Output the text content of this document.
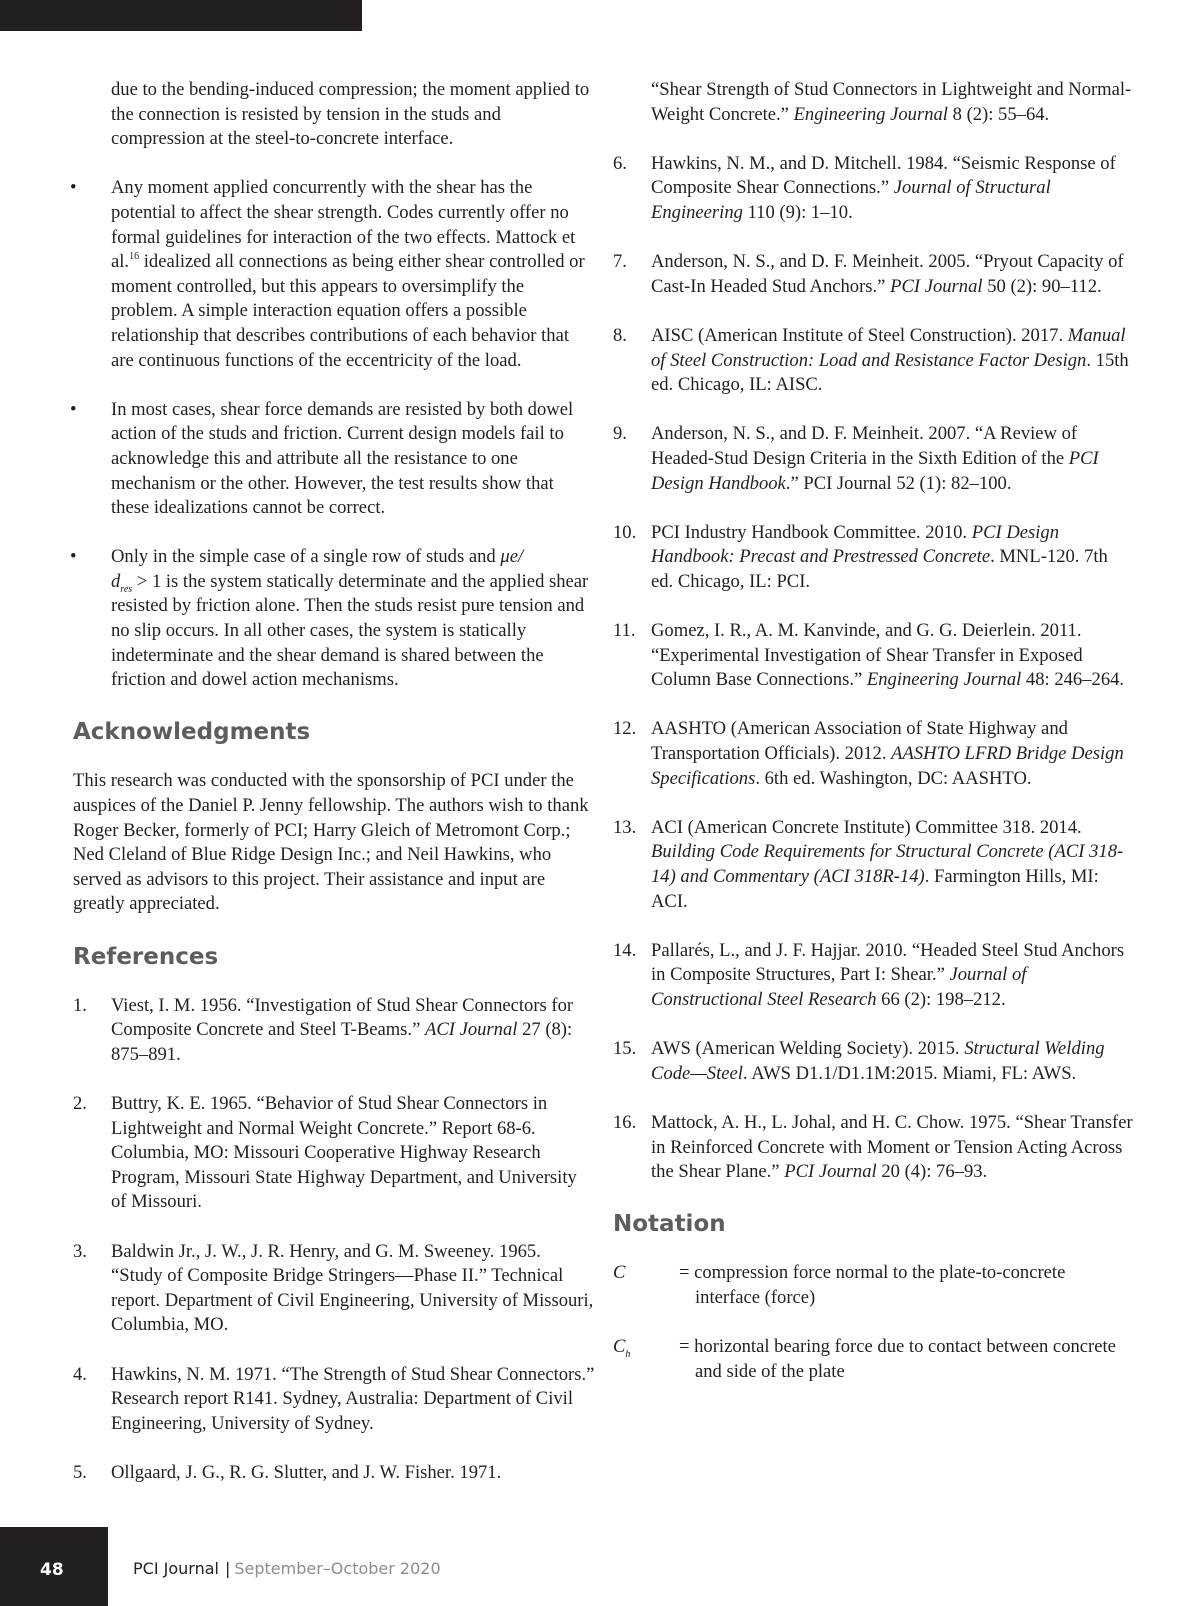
due to the bending-induced compression; the moment applied to the connection is resisted by tension in the studs and compression at the steel-to-concrete interface.
• Any moment applied concurrently with the shear has the potential to affect the shear strength. Codes currently offer no formal guidelines for interaction of the two effects. Mattock et al.$^{16}$ idealized all connections as being either shear controlled or moment controlled, but this appears to oversimplify the problem. A simple interaction equation offers a possible relationship that describes contributions of each behavior that are continuous functions of the eccentricity of the load.
• In most cases, shear force demands are resisted by both dowel action of the studs and friction. Current design models fail to acknowledge this and attribute all the resistance to one mechanism or the other. However, the test results show that these idealizations cannot be correct.
• Only in the simple case of a single row of studs and μe/
$d_{res} > 1$ is the system statically determinate and the applied shear resisted by friction alone. Then the studs resist pure tension and no slip occurs. In all other cases, the system is statically indeterminate and the shear demand is shared between the friction and dowel action mechanisms.
Acknowledgments

This research was conducted with the sponsorship of PCI under the auspices of the Daniel P. Jenny fellowship. The authors wish to thank Roger Becker, formerly of PCI; Harry Gleich of Metromont Corp.; Ned Cleland of Blue Ridge Design Inc.; and Neil Hawkins, who served as advisors to this project. Their assistance and input are greatly appreciated.

References
1. Viest, I. M. 1956. “Investigation of Stud Shear Connectors for Composite Concrete and Steel T-Beams.” ACI Journal 27 (8): 875–891.
2. Buttry, K. E. 1965. “Behavior of Stud Shear Connectors in Lightweight and Normal Weight Concrete.” Report 68-6. Columbia, MO: Missouri Cooperative Highway Research Program, Missouri State Highway Department, and University of Missouri.
3. Baldwin Jr., J. W., J. R. Henry, and G. M. Sweeney. 1965. “Study of Composite Bridge Stringers—Phase II.” Technical report. Department of Civil Engineering, University of Missouri, Columbia, MO.
4. Hawkins, N. M. 1971. “The Strength of Stud Shear Connectors.” Research report R141. Sydney, Australia: Department of Civil Engineering, University of Sydney.
5. Ollgaard, J. G., R. G. Slutter, and J. W. Fisher. 1971.
“Shear Strength of Stud Connectors in Lightweight and Normal-Weight Concrete.” Engineering Journal 8 (2): 55–64.
6. Hawkins, N. M., and D. Mitchell. 1984. “Seismic Response of Composite Shear Connections.” Journal of Structural Engineering 110 (9): 1–10.
7. Anderson, N. S., and D. F. Meinheit. 2005. “Pryout Capacity of Cast-In Headed Stud Anchors.” PCI Journal 50 (2): 90–112.
8. AISC (American Institute of Steel Construction). 2017. Manual of Steel Construction: Load and Resistance Factor Design. 15th ed. Chicago, IL: AISC.
9. Anderson, N. S., and D. F. Meinheit. 2007. “A Review of Headed-Stud Design Criteria in the Sixth Edition of the PCI Design Handbook.” PCI Journal 52 (1): 82–100.
10. PCI Industry Handbook Committee. 2010. PCI Design Handbook: Precast and Prestressed Concrete. MNL-120. 7th ed. Chicago, IL: PCI.
11. Gomez, I. R., A. M. Kanvinde, and G. G. Deierlein. 2011. “Experimental Investigation of Shear Transfer in Exposed Column Base Connections.” Engineering Journal 48: 246–264.
12. AASHTO (American Association of State Highway and Transportation Officials). 2012. AASHTO LFRD Bridge Design Specifications. 6th ed. Washington, DC: AASHTO.
13. ACI (American Concrete Institute) Committee 318. 2014. Building Code Requirements for Structural Concrete (ACI 318-14) and Commentary (ACI 318R-14). Farmington Hills, MI: ACI.
14. Pallarés, L., and J. F. Hajjar. 2010. “Headed Steel Stud Anchors in Composite Structures, Part I: Shear.” Journal of Constructional Steel Research 66 (2): 198–212.
15. AWS (American Welding Society). 2015. Structural Welding Code—Steel. AWS D1.1/D1.1M:2015. Miami, FL: AWS.
16. Mattock, A. H., L. Johal, and H. C. Chow. 1975. “Shear Transfer in Reinforced Concrete with Moment or Tension Acting Across the Shear Plane.” PCI Journal 20 (4): 76–93.
Notation
C	= compression force normal to the plate-to-concrete interface (force)
$C_h$	= horizontal bearing force due to contact between concrete and side of the plate
48	PCI Journal | September–October 2020
